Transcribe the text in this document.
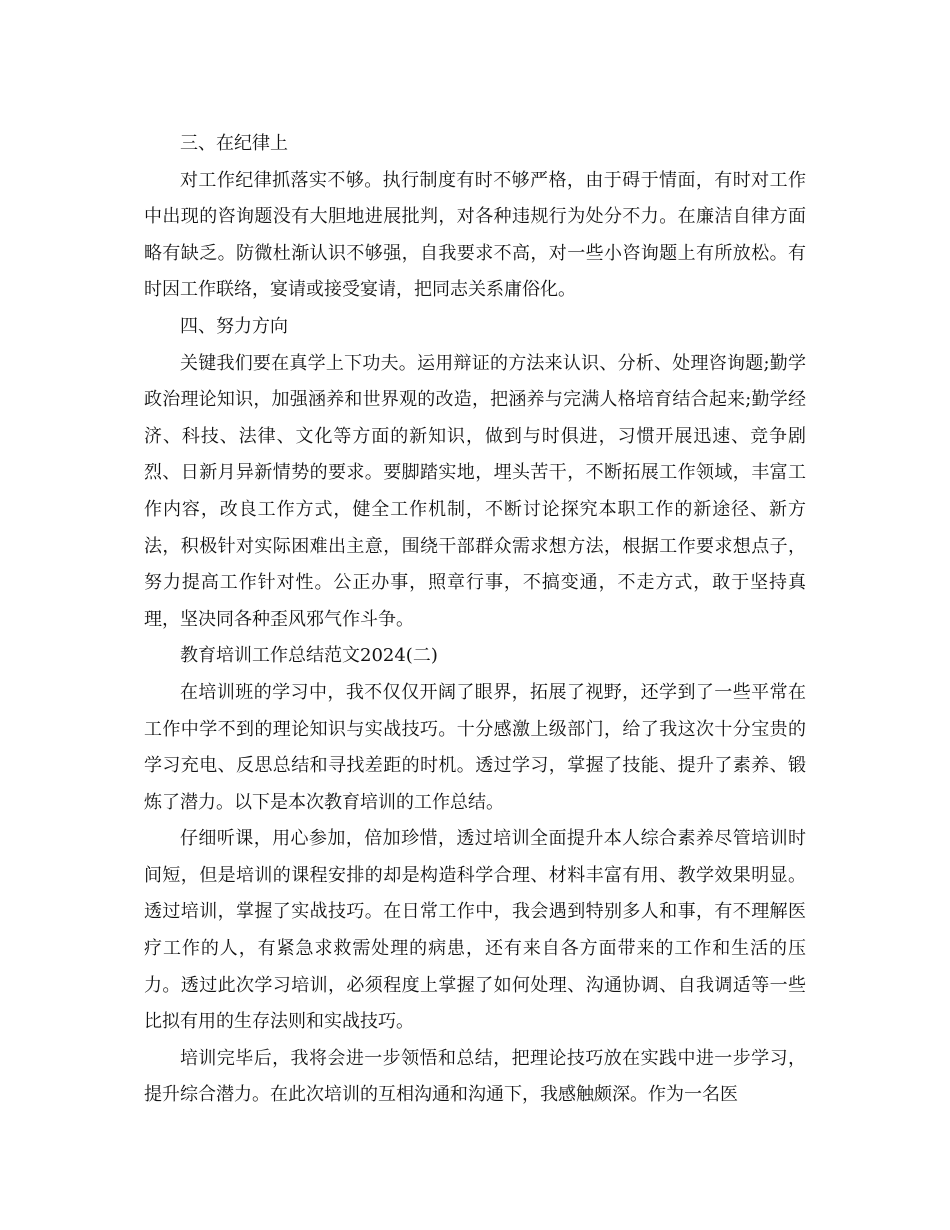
三、在纪律上

对工作纪律抓落实不够。执行制度有时不够严格，由于碍于情面，有时对工作中出现的咨询题没有大胆地进展批判，对各种违规行为处分不力。在廉洁自律方面略有缺乏。防微杜渐认识不够强，自我要求不高，对一些小咨询题上有所放松。有时因工作联络，宴请或接受宴请，把同志关系庸俗化。

四、努力方向

关键我们要在真学上下功夫。运用辩证的方法来认识、分析、处理咨询题;勤学政治理论知识，加强涵养和世界观的改造，把涵养与完满人格培育结合起来;勤学经济、科技、法律、文化等方面的新知识，做到与时俱进，习惯开展迅速、竞争剧烈、日新月异新情势的要求。要脚踏实地，埋头苦干，不断拓展工作领域，丰富工作内容，改良工作方式，健全工作机制，不断讨论探究本职工作的新途径、新方法，积极针对实际困难出主意，围绕干部群众需求想方法，根据工作要求想点子，努力提高工作针对性。公正办事，照章行事，不搞变通，不走方式，敢于坚持真理，坚决同各种歪风邪气作斗争。

教育培训工作总结范文2024(二)

在培训班的学习中，我不仅仅开阔了眼界，拓展了视野，还学到了一些平常在工作中学不到的理论知识与实战技巧。十分感激上级部门，给了我这次十分宝贵的学习充电、反思总结和寻找差距的时机。透过学习，掌握了技能、提升了素养、锻炼了潜力。以下是本次教育培训的工作总结。

仔细听课，用心参加，倍加珍惜，透过培训全面提升本人综合素养尽管培训时间短，但是培训的课程安排的却是构造科学合理、材料丰富有用、教学效果明显。透过培训，掌握了实战技巧。在日常工作中，我会遇到特别多人和事，有不理解医疗工作的人，有紧急求救需处理的病患，还有来自各方面带来的工作和生活的压力。透过此次学习培训，必须程度上掌握了如何处理、沟通协调、自我调适等一些比拟有用的生存法则和实战技巧。

培训完毕后，我将会进一步领悟和总结，把理论技巧放在实践中进一步学习，提升综合潜力。在此次培训的互相沟通和沟通下，我感触颇深。作为一名医
